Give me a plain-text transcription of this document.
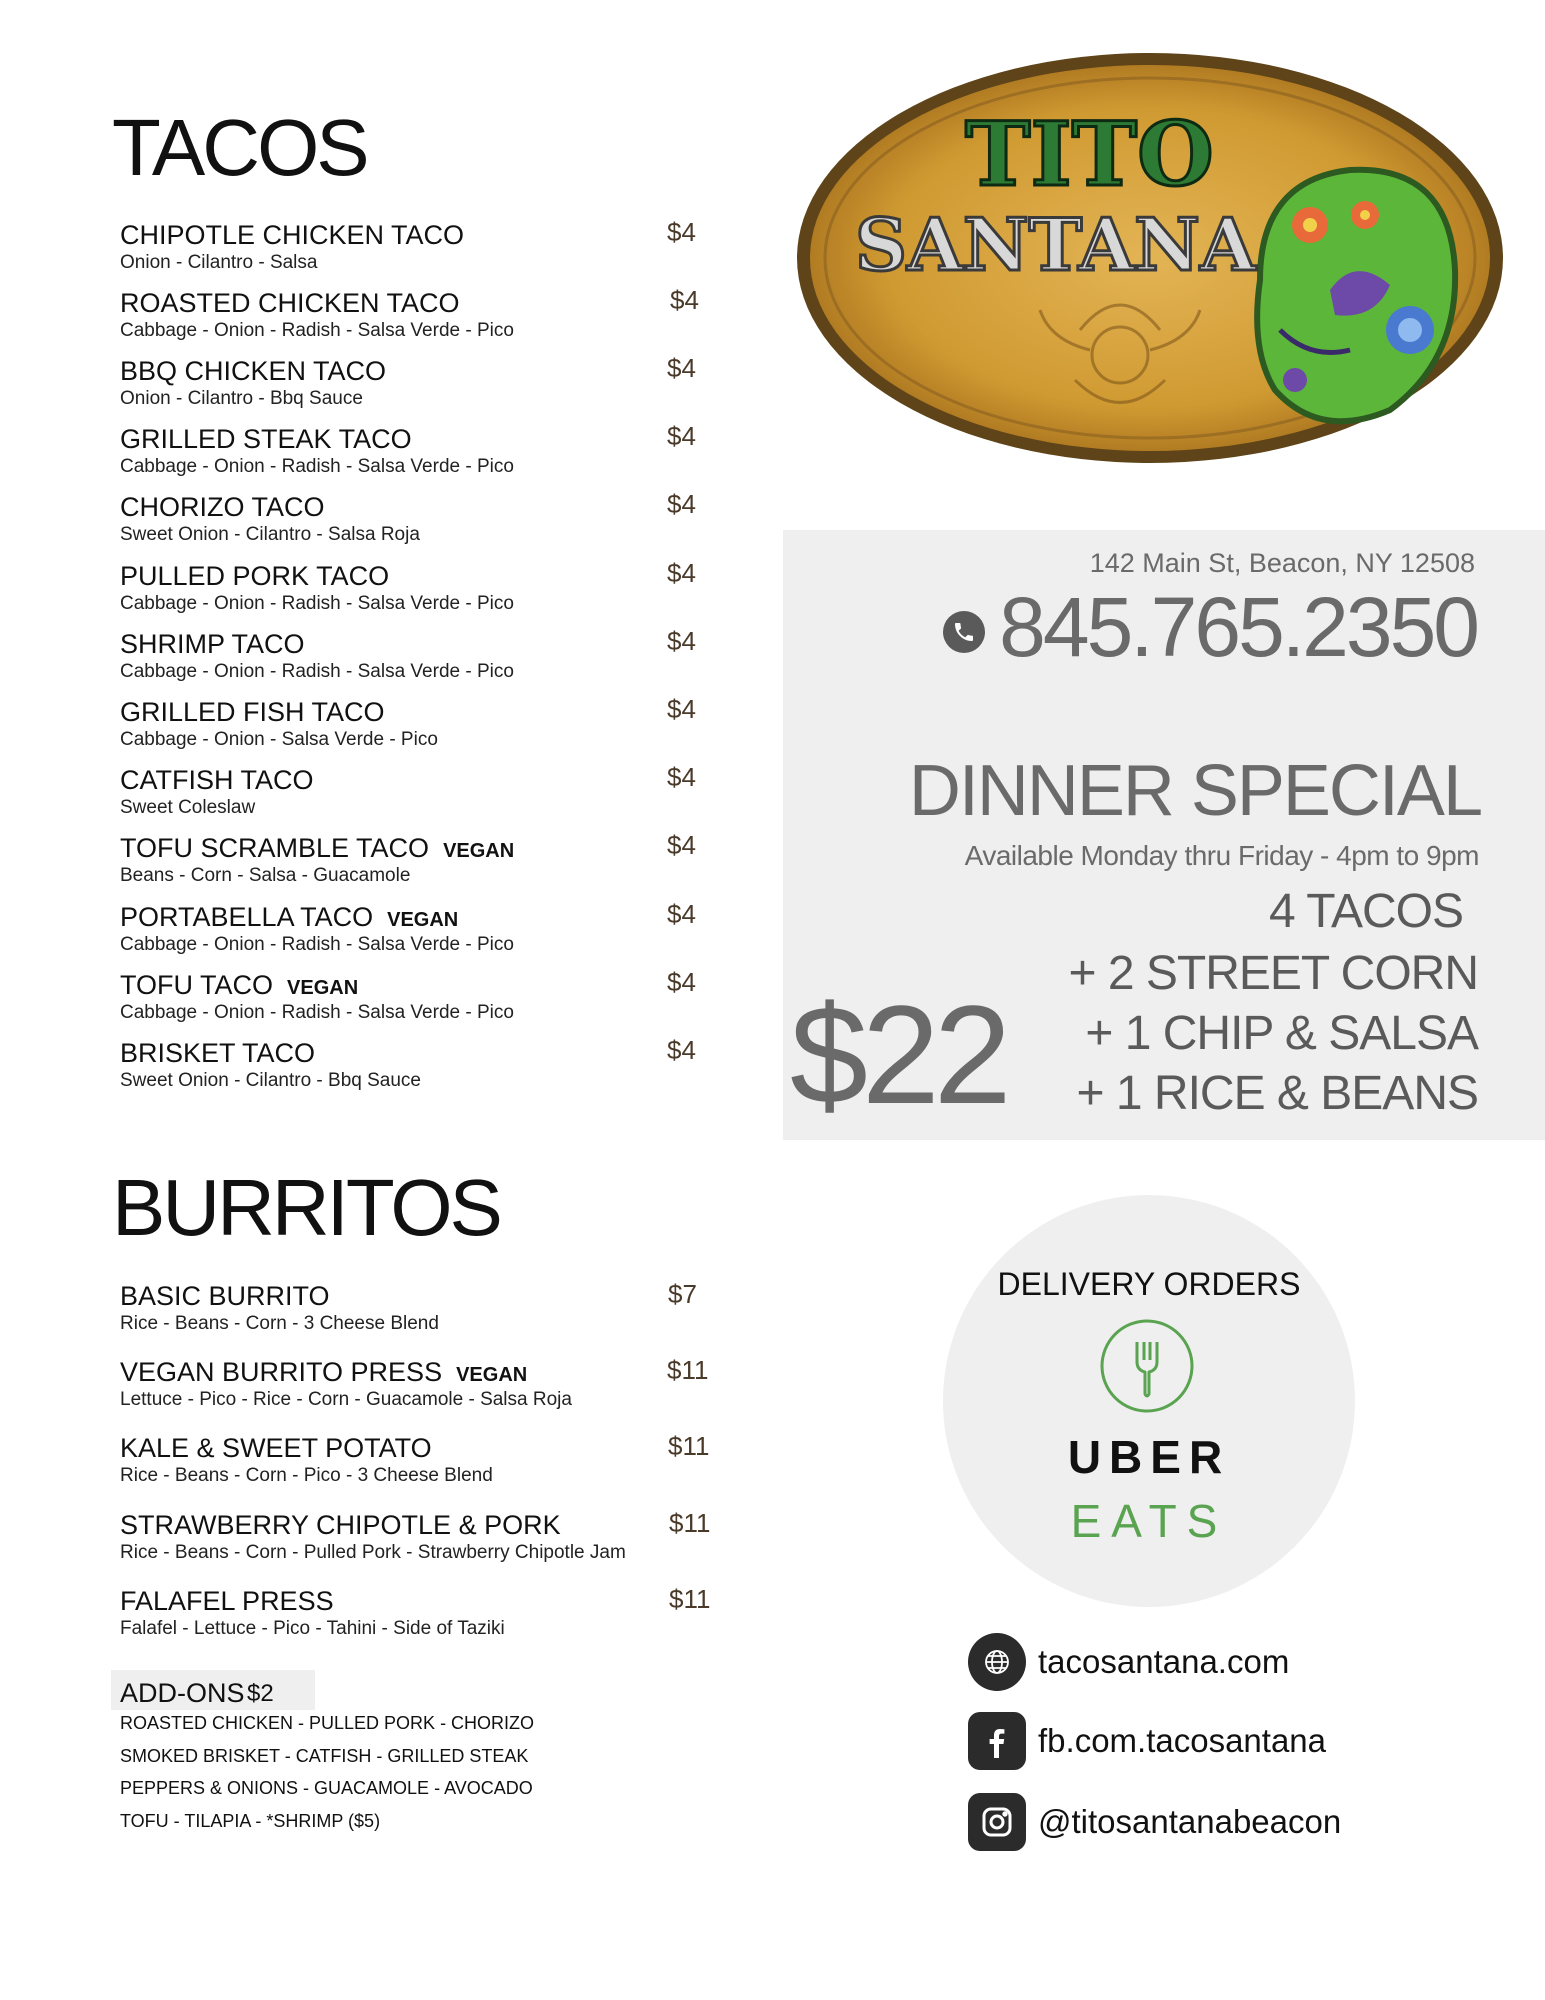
TACOS
CHIPOTLE CHICKEN TACO
Onion - Cilantro - Salsa
$4
ROASTED CHICKEN TACO
Cabbage - Onion - Radish - Salsa Verde - Pico
$4
BBQ CHICKEN TACO
Onion - Cilantro - Bbq Sauce
$4
GRILLED STEAK TACO
Cabbage - Onion - Radish - Salsa Verde - Pico
$4
CHORIZO TACO
Sweet Onion - Cilantro - Salsa Roja
$4
PULLED PORK TACO
Cabbage - Onion - Radish - Salsa Verde - Pico
$4
SHRIMP TACO
Cabbage - Onion - Radish - Salsa Verde - Pico
$4
GRILLED FISH TACO
Cabbage - Onion - Salsa Verde - Pico
$4
CATFISH TACO
Sweet Coleslaw
$4
TOFU SCRAMBLE TACO VEGAN
Beans - Corn - Salsa - Guacamole
$4
PORTABELLA TACO VEGAN
Cabbage - Onion - Radish - Salsa Verde - Pico
$4
TOFU TACO VEGAN
Cabbage - Onion - Radish - Salsa Verde - Pico
$4
BRISKET TACO
Sweet Onion - Cilantro - Bbq Sauce
$4
BURRITOS
BASIC BURRITO
Rice - Beans - Corn - 3 Cheese Blend
$7
VEGAN BURRITO PRESS VEGAN
Lettuce - Pico - Rice - Corn - Guacamole - Salsa Roja
$11
KALE & SWEET POTATO
Rice - Beans - Corn - Pico - 3 Cheese Blend
$11
STRAWBERRY CHIPOTLE & PORK
Rice - Beans - Corn - Pulled Pork - Strawberry Chipotle Jam
$11
FALAFEL PRESS
Falafel - Lettuce - Pico - Tahini - Side of Taziki
$11
ADD-ONS $2
ROASTED CHICKEN - PULLED PORK - CHORIZO
SMOKED BRISKET - CATFISH - GRILLED STEAK
PEPPERS & ONIONS - GUACAMOLE - AVOCADO
TOFU - TILAPIA - *SHRIMP ($5)
TITO
SANTANA
142 Main St, Beacon, NY 12508
845.765.2350
DINNER SPECIAL
Available Monday thru Friday - 4pm to 9pm
$22
4 TACOS
+ 2 STREET CORN
+ 1 CHIP & SALSA
+ 1 RICE & BEANS
DELIVERY ORDERS
UBER
EATS
tacosantana.com
fb.com.tacosantana
@titosantanabeacon
